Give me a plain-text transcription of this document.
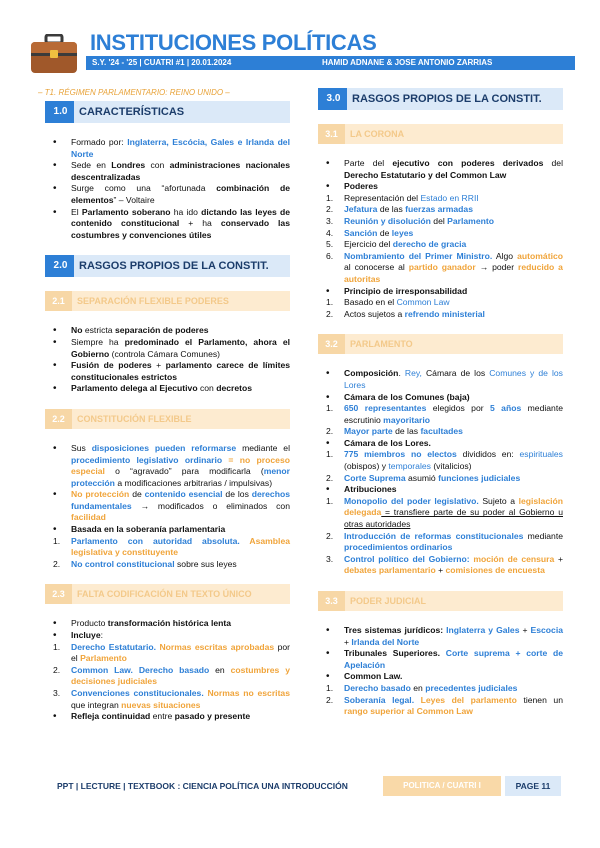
INSTITUCIONES POLÍTICAS
S.Y. '24 - '25 | CUATRI #1 | 20.01.2024	HAMID ADNANE & JOSE ANTONIO ZARRIAS
– T1. RÉGIMEN PARLAMENTARIO: REINO UNIDO –
1.0	CARACTERÍSTICAS
•
Formado por: Inglaterra, Escócia, Gales e Irlanda del Norte
•
Sede en Londres con administraciones nacionales descentralizadas
•
Surge como una “afortunada combinación de elementos” – Voltaire
•
El Parlamento soberano ha ido dictando las leyes de contenido constitucional + ha conservado las costumbres y convenciones útiles
2.0	RASGOS PROPIOS DE LA CONSTIT.
2.1	SEPARACIÓN FLEXIBLE PODERES
•
No estricta separación de poderes
•
Siempre ha predominado el Parlamento, ahora el Gobierno (controla Cámara Comunes)
•
Fusión de poderes + parlamento carece de límites constitucionales estrictos
•
Parlamento delega al Ejecutivo con decretos
2.2	CONSTITUCIÓN FLEXIBLE
•
Sus disposiciones pueden reformarse mediante el procedimiento legislativo ordinario = no proceso especial o “agravado” para modificarla (menor protección a modificaciones arbitrarias / impulsivas)
•
No protección de contenido esencial de los derechos fundamentales → modificados o eliminados con facilidad
•
Basada en la soberanía parlamentaria
1. Parlamento con autoridad absoluta. Asamblea legislativa y constituyente
2. No control constitucional sobre sus leyes
2.3	FALTA CODIFICACIÓN EN TEXTO ÚNICO
•
Producto transformación histórica lenta
•
Incluye:
1. Derecho Estatutario. Normas escritas aprobadas por el Parlamento
2. Common Law. Derecho basado en costumbres y decisiones judiciales
3. Convenciones constitucionales. Normas no escritas que integran nuevas situaciones
•
Refleja continuidad entre pasado y presente
3.0	RASGOS PROPIOS DE LA CONSTIT.
3.1	LA CORONA
•
Parte del ejecutivo con poderes derivados del Derecho Estatutario y del Common Law
•
Poderes
1. Representación del Estado en RRII
2. Jefatura de las fuerzas armadas
3. Reunión y disolución del Parlamento
4. Sanción de leyes
5. Ejercicio del derecho de gracia
6. Nombramiento del Primer Ministro. Algo automático al conocerse al partido ganador → poder reducido a autoritas
•
Principio de irresponsabilidad
1. Basado en el Common Law
2. Actos sujetos a refrendo ministerial
3.2	PARLAMENTO
•
Composición. Rey, Cámara de los Comunes y de los Lores
•
Cámara de los Comunes (baja)
1. 650 representantes elegidos por 5 años mediante escrutinio mayoritario
2. Mayor parte de las facultades
•
Cámara de los Lores.
1. 775 miembros no electos divididos en: espirituales (obispos) y temporales (vitalicios)
2. Corte Suprema asumió funciones judiciales
•
Atribuciones
1. Monopolio del poder legislativo. Sujeto a legislación delegada = transfiere parte de su poder al Gobierno u otras autoridades
2. Introducción de reformas constitucionales mediante procedimientos ordinarios
3. Control político del Gobierno: moción de censura + debates parlamentario + comisiones de encuesta
3.3	PODER JUDICIAL
•
Tres sistemas jurídicos: Inglaterra y Gales + Escocia + Irlanda del Norte
•
Tribunales Superiores. Corte suprema + corte de Apelación
•
Common Law.
1. Derecho basado en precedentes judiciales
2. Soberanía legal. Leyes del parlamento tienen un rango superior al Common Law
PPT | LECTURE | TEXTBOOK : CIENCIA POLÍTICA UNA INTRODUCCIÓN	POLITICA / CUATRI I	PAGE 11
